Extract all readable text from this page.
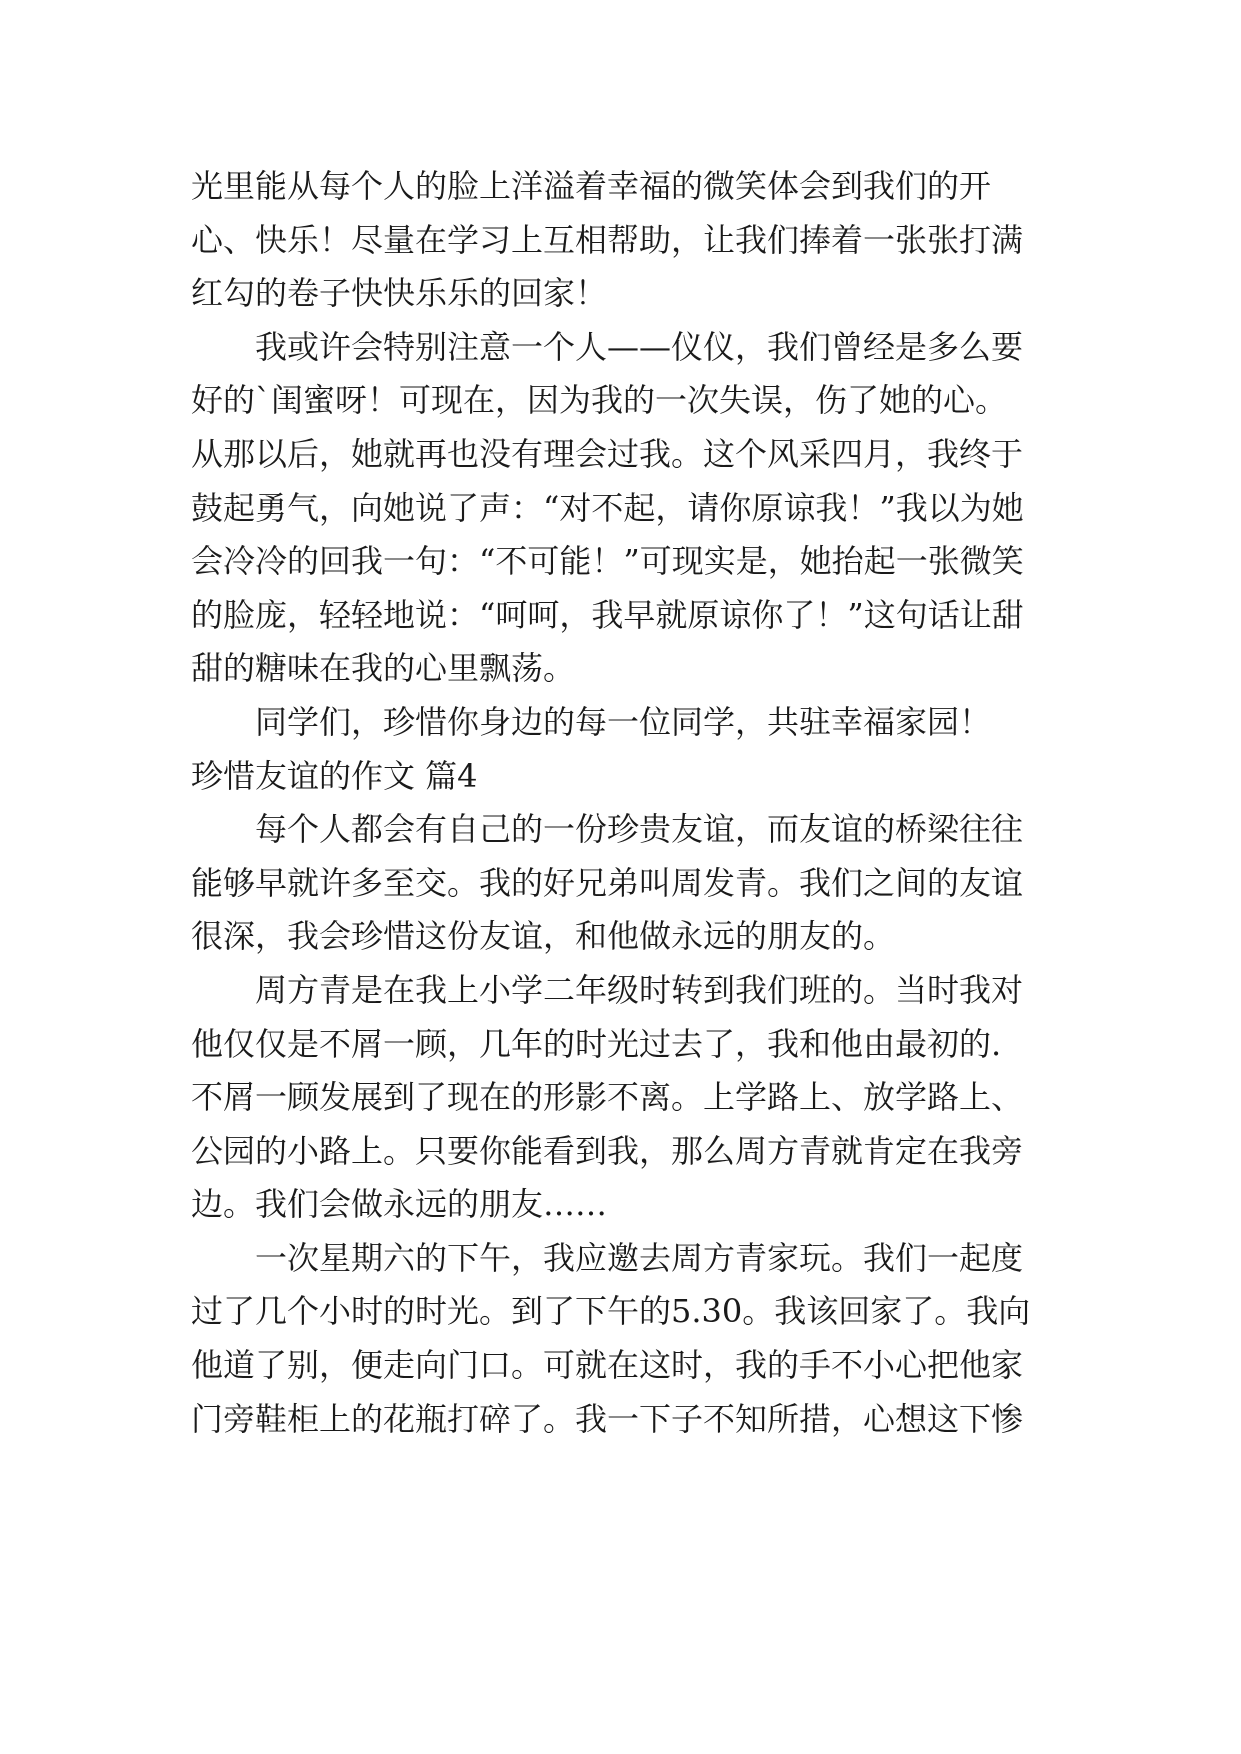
光里能从每个人的脸上洋溢着幸福的微笑体会到我们的开

心、快乐！尽量在学习上互相帮助，让我们捧着一张张打满

红勾的卷子快快乐乐的回家！

我或许会特别注意一个人——仪仪，我们曾经是多么要

好的`闺蜜呀！可现在，因为我的一次失误，伤了她的心。

从那以后，她就再也没有理会过我。这个风采四月，我终于

鼓起勇气，向她说了声：“对不起，请你原谅我！”我以为她

会冷冷的回我一句：“不可能！”可现实是，她抬起一张微笑

的脸庞，轻轻地说：“呵呵，我早就原谅你了！”这句话让甜

甜的糖味在我的心里飘荡。

同学们，珍惜你身边的每一位同学，共驻幸福家园！

珍惜友谊的作文 篇4

每个人都会有自己的一份珍贵友谊，而友谊的桥梁往往

能够早就许多至交。我的好兄弟叫周发青。我们之间的友谊

很深，我会珍惜这份友谊，和他做永远的朋友的。

周方青是在我上小学二年级时转到我们班的。当时我对

他仅仅是不屑一顾，几年的时光过去了，我和他由最初的.

不屑一顾发展到了现在的形影不离。上学路上、放学路上、

公园的小路上。只要你能看到我，那么周方青就肯定在我旁

边。我们会做永远的朋友……

一次星期六的下午，我应邀去周方青家玩。我们一起度

过了几个小时的时光。到了下午的5.30。我该回家了。我向

他道了别，便走向门口。可就在这时，我的手不小心把他家

门旁鞋柜上的花瓶打碎了。我一下子不知所措，心想这下惨
